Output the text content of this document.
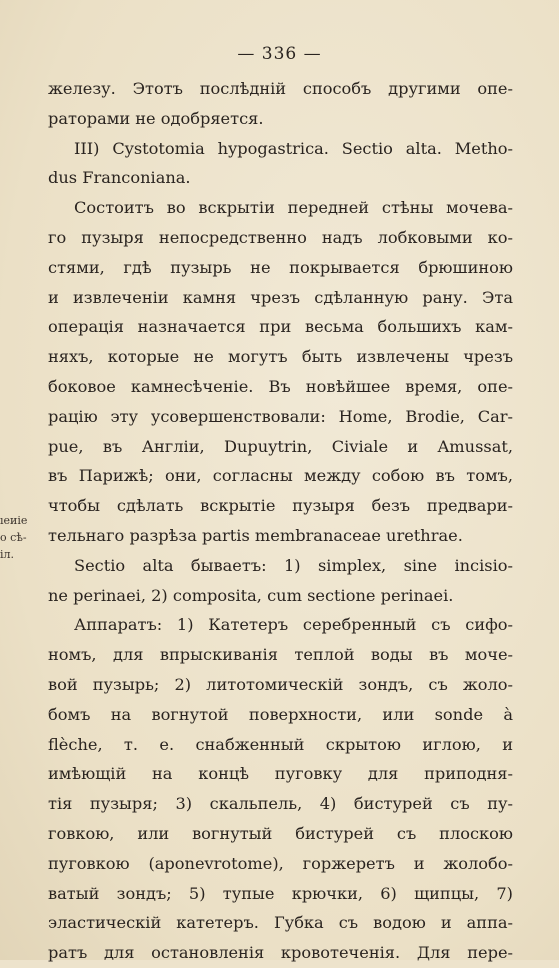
— 336 —
ıeиie
o cѣ-
iл.
железу. Этотъ послѣдній способъ другими опе-
раторами не одобряется.
III) Cystotomia hypogastrica. Sectio alta. Metho-
dus Franconiana.
Состоитъ во вскрытіи передней стѣны мочева-
го пузыря непосредственно надъ лобковыми ко-
стями, гдѣ пузырь не покрывается брюшиною
и извлеченіи камня чрезъ сдѣланную рану. Эта
операція назначается при весьма большихъ кам-
няхъ, которые не могутъ быть извлечены чрезъ
боковое камнесѣченіе. Въ новѣйшее время, опе-
рацію эту усовершенствовали: Home, Brodie, Car-
pue, въ Англіи, Dupuytrin, Civiale и Amussat,
въ Парижѣ; они, согласны между собою въ томъ,
чтобы сдѣлать вскрытіе пузыря безъ предвари-
тельнаго разрѣза partis membranaceae urethrae.
Sectio alta бываетъ: 1) simplex, sine incisio-
ne perinaei, 2) composita, cum sectione perinaei.
Аппаратъ: 1) Катетеръ серебренный съ сифо-
номъ, для впрыскиванія теплой воды въ моче-
вой пузырь; 2) литотомическій зондъ, съ жоло-
бомъ на вогнутой поверхности, или sonde à
flèche, т. е. снабженный скрытою иглою, и
имѣющій на концѣ пуговку для приподня-
тія пузыря; 3) скальпель, 4) бистурей съ пу-
говкою, или вогнутый бистурей съ плоскою
пуговкою (aponevrotome), горжеретъ и жолобо-
ватый зондъ; 5) тупые крючки, 6) щипцы, 7)
эластическій катетеръ. Губка съ водою и аппа-
ратъ для остановленія кровотеченія. Для пере-
